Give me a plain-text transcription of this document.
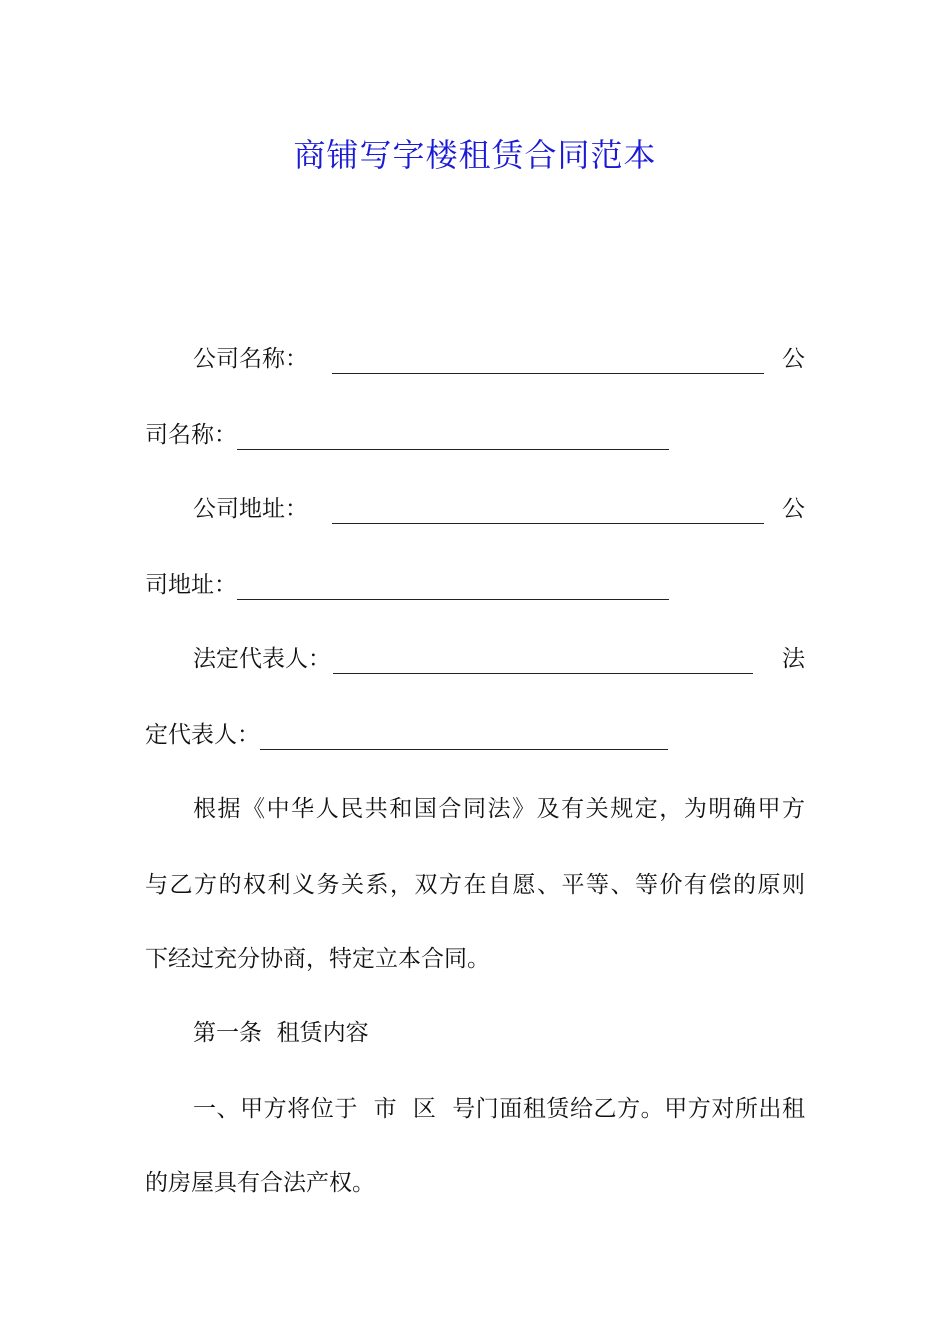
商铺写字楼租赁合同范本
公司名称：	公
司名称：
公司地址：	公
司地址：
法定代表人：	法
定代表人：
根据《中华人民共和国合同法》及有关规定，为明确甲方
与乙方的权利义务关系，双方在自愿、平等、等价有偿的原则
下经过充分协商，特定立本合同。
第一条  租赁内容
一、甲方将位于  市  区  号门面租赁给乙方。甲方对所出租
的房屋具有合法产权。
